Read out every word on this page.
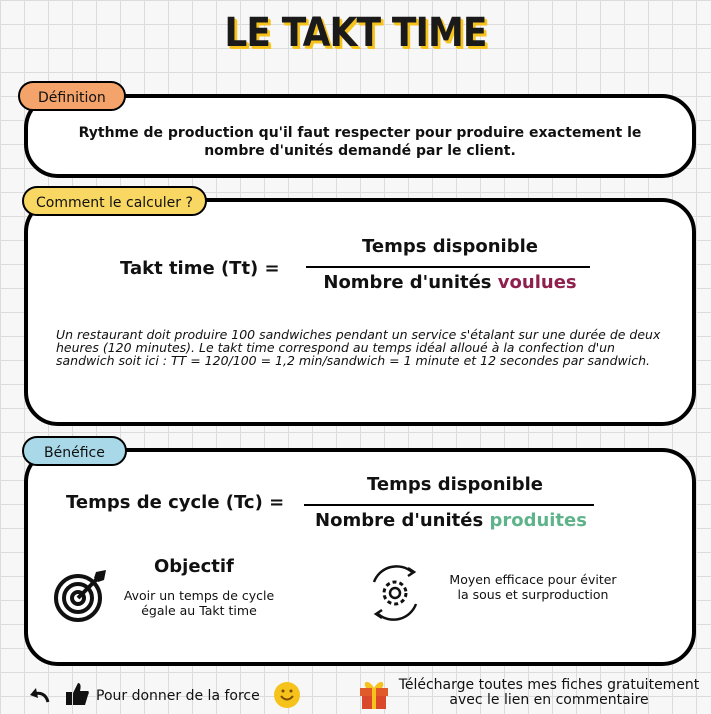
LE TAKT TIME
Définition
Rythme de production qu'il faut respecter pour produire exactement le nombre d'unités demandé par le client.
Comment le calculer ?
Takt time (Tt) =
Temps disponible
Nombre d'unités voulues
Un restaurant doit produire 100 sandwiches pendant un service s'étalant sur une durée de deux heures (120 minutes). Le takt time correspond au temps idéal alloué à la confection d'un sandwich soit ici : TT = 120/100 = 1,2 min/sandwich = 1 minute et 12 secondes par sandwich.
Bénéfice
Temps de cycle (Tc) =
Temps disponible
Nombre d'unités produites
Objectif
Avoir un temps de cycle égale au Takt time
Moyen efficace pour éviter la sous et surproduction
Pour donner de la force
Télécharge toutes mes fiches gratuitement avec le lien en commentaire
